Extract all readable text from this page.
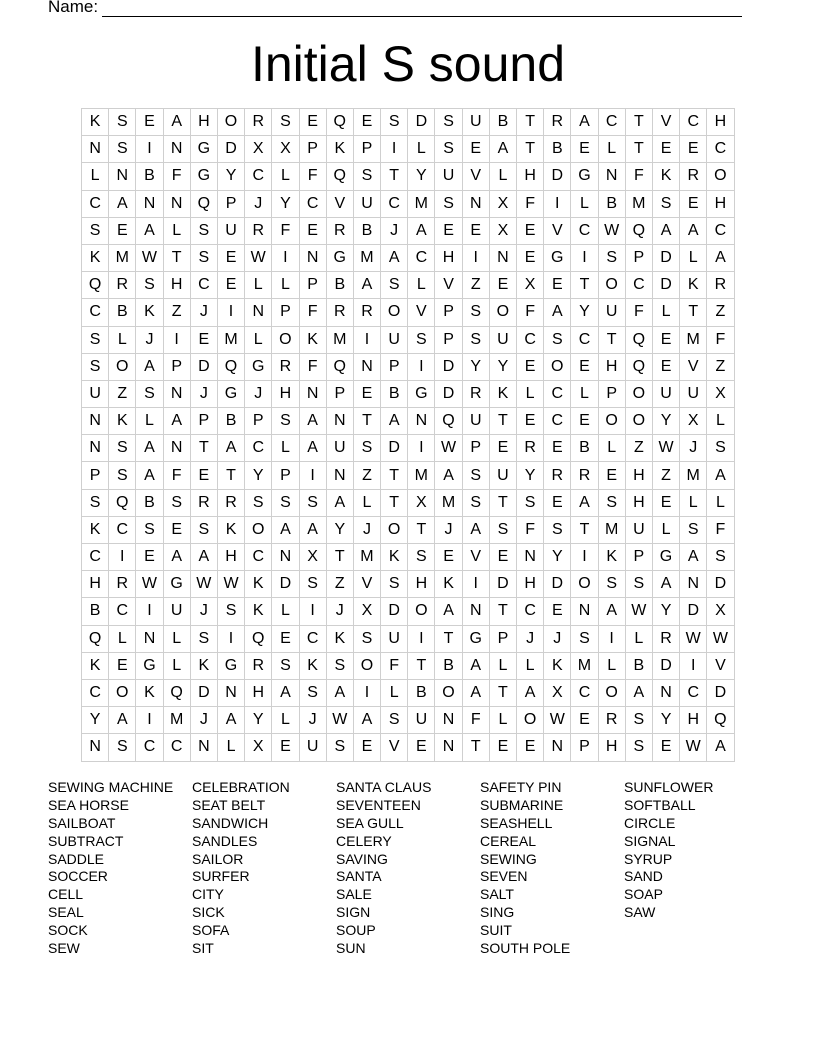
Name:
Initial S sound
K	S	E	A	H	O	R	S	E	Q	E	S	D	S	U	B	T	R	A	C	T	V	C	H
N	S	I	N	G	D	X	X	P	K	P	I	L	S	E	A	T	B	E	L	T	E	E	C
L	N	B	F	G	Y	C	L	F	Q	S	T	Y	U	V	L	H	D	G	N	F	K	R	O
C	A	N	N	Q	P	J	Y	C	V	U	C	M	S	N	X	F	I	L	B	M	S	E	H
S	E	A	L	S	U	R	F	E	R	B	J	A	E	E	X	E	V	C	W	Q	A	A	C
K	M	W	T	S	E	W	I	N	G	M	A	C	H	I	N	E	G	I	S	P	D	L	A
Q	R	S	H	C	E	L	L	P	B	A	S	L	V	Z	E	X	E	T	O	C	D	K	R
C	B	K	Z	J	I	N	P	F	R	R	O	V	P	S	O	F	A	Y	U	F	L	T	Z
S	L	J	I	E	M	L	O	K	M	I	U	S	P	S	U	C	S	C	T	Q	E	M	F
S	O	A	P	D	Q	G	R	F	Q	N	P	I	D	Y	Y	E	O	E	H	Q	E	V	Z
U	Z	S	N	J	G	J	H	N	P	E	B	G	D	R	K	L	C	L	P	O	U	U	X
N	K	L	A	P	B	P	S	A	N	T	A	N	Q	U	T	E	C	E	O	O	Y	X	L
N	S	A	N	T	A	C	L	A	U	S	D	I	W	P	E	R	E	B	L	Z	W	J	S
P	S	A	F	E	T	Y	P	I	N	Z	T	M	A	S	U	Y	R	R	E	H	Z	M	A
S	Q	B	S	R	R	S	S	S	A	L	T	X	M	S	T	S	E	A	S	H	E	L	L
K	C	S	E	S	K	O	A	A	Y	J	O	T	J	A	S	F	S	T	M	U	L	S	F
C	I	E	A	A	H	C	N	X	T	M	K	S	E	V	E	N	Y	I	K	P	G	A	S
H	R	W	G	W	W	K	D	S	Z	V	S	H	K	I	D	H	D	O	S	S	A	N	D
B	C	I	U	J	S	K	L	I	J	X	D	O	A	N	T	C	E	N	A	W	Y	D	X
Q	L	N	L	S	I	Q	E	C	K	S	U	I	T	G	P	J	J	S	I	L	R	W	W
K	E	G	L	K	G	R	S	K	S	O	F	T	B	A	L	L	K	M	L	B	D	I	V
C	O	K	Q	D	N	H	A	S	A	I	L	B	O	A	T	A	X	C	O	A	N	C	D
Y	A	I	M	J	A	Y	L	J	W	A	S	U	N	F	L	O	W	E	R	S	Y	H	Q
N	S	C	C	N	L	X	E	U	S	E	V	E	N	T	E	E	N	P	H	S	E	W	A
SEWING MACHINE
SEA HORSE
SAILBOAT
SUBTRACT
SADDLE
SOCCER
CELL
SEAL
SOCK
SEW
CELEBRATION
SEAT BELT
SANDWICH
SANDLES
SAILOR
SURFER
CITY
SICK
SOFA
SIT
SANTA CLAUS
SEVENTEEN
SEA GULL
CELERY
SAVING
SANTA
SALE
SIGN
SOUP
SUN
SAFETY PIN
SUBMARINE
SEASHELL
CEREAL
SEWING
SEVEN
SALT
SING
SUIT
SOUTH POLE
SUNFLOWER
SOFTBALL
CIRCLE
SIGNAL
SYRUP
SAND
SOAP
SAW
